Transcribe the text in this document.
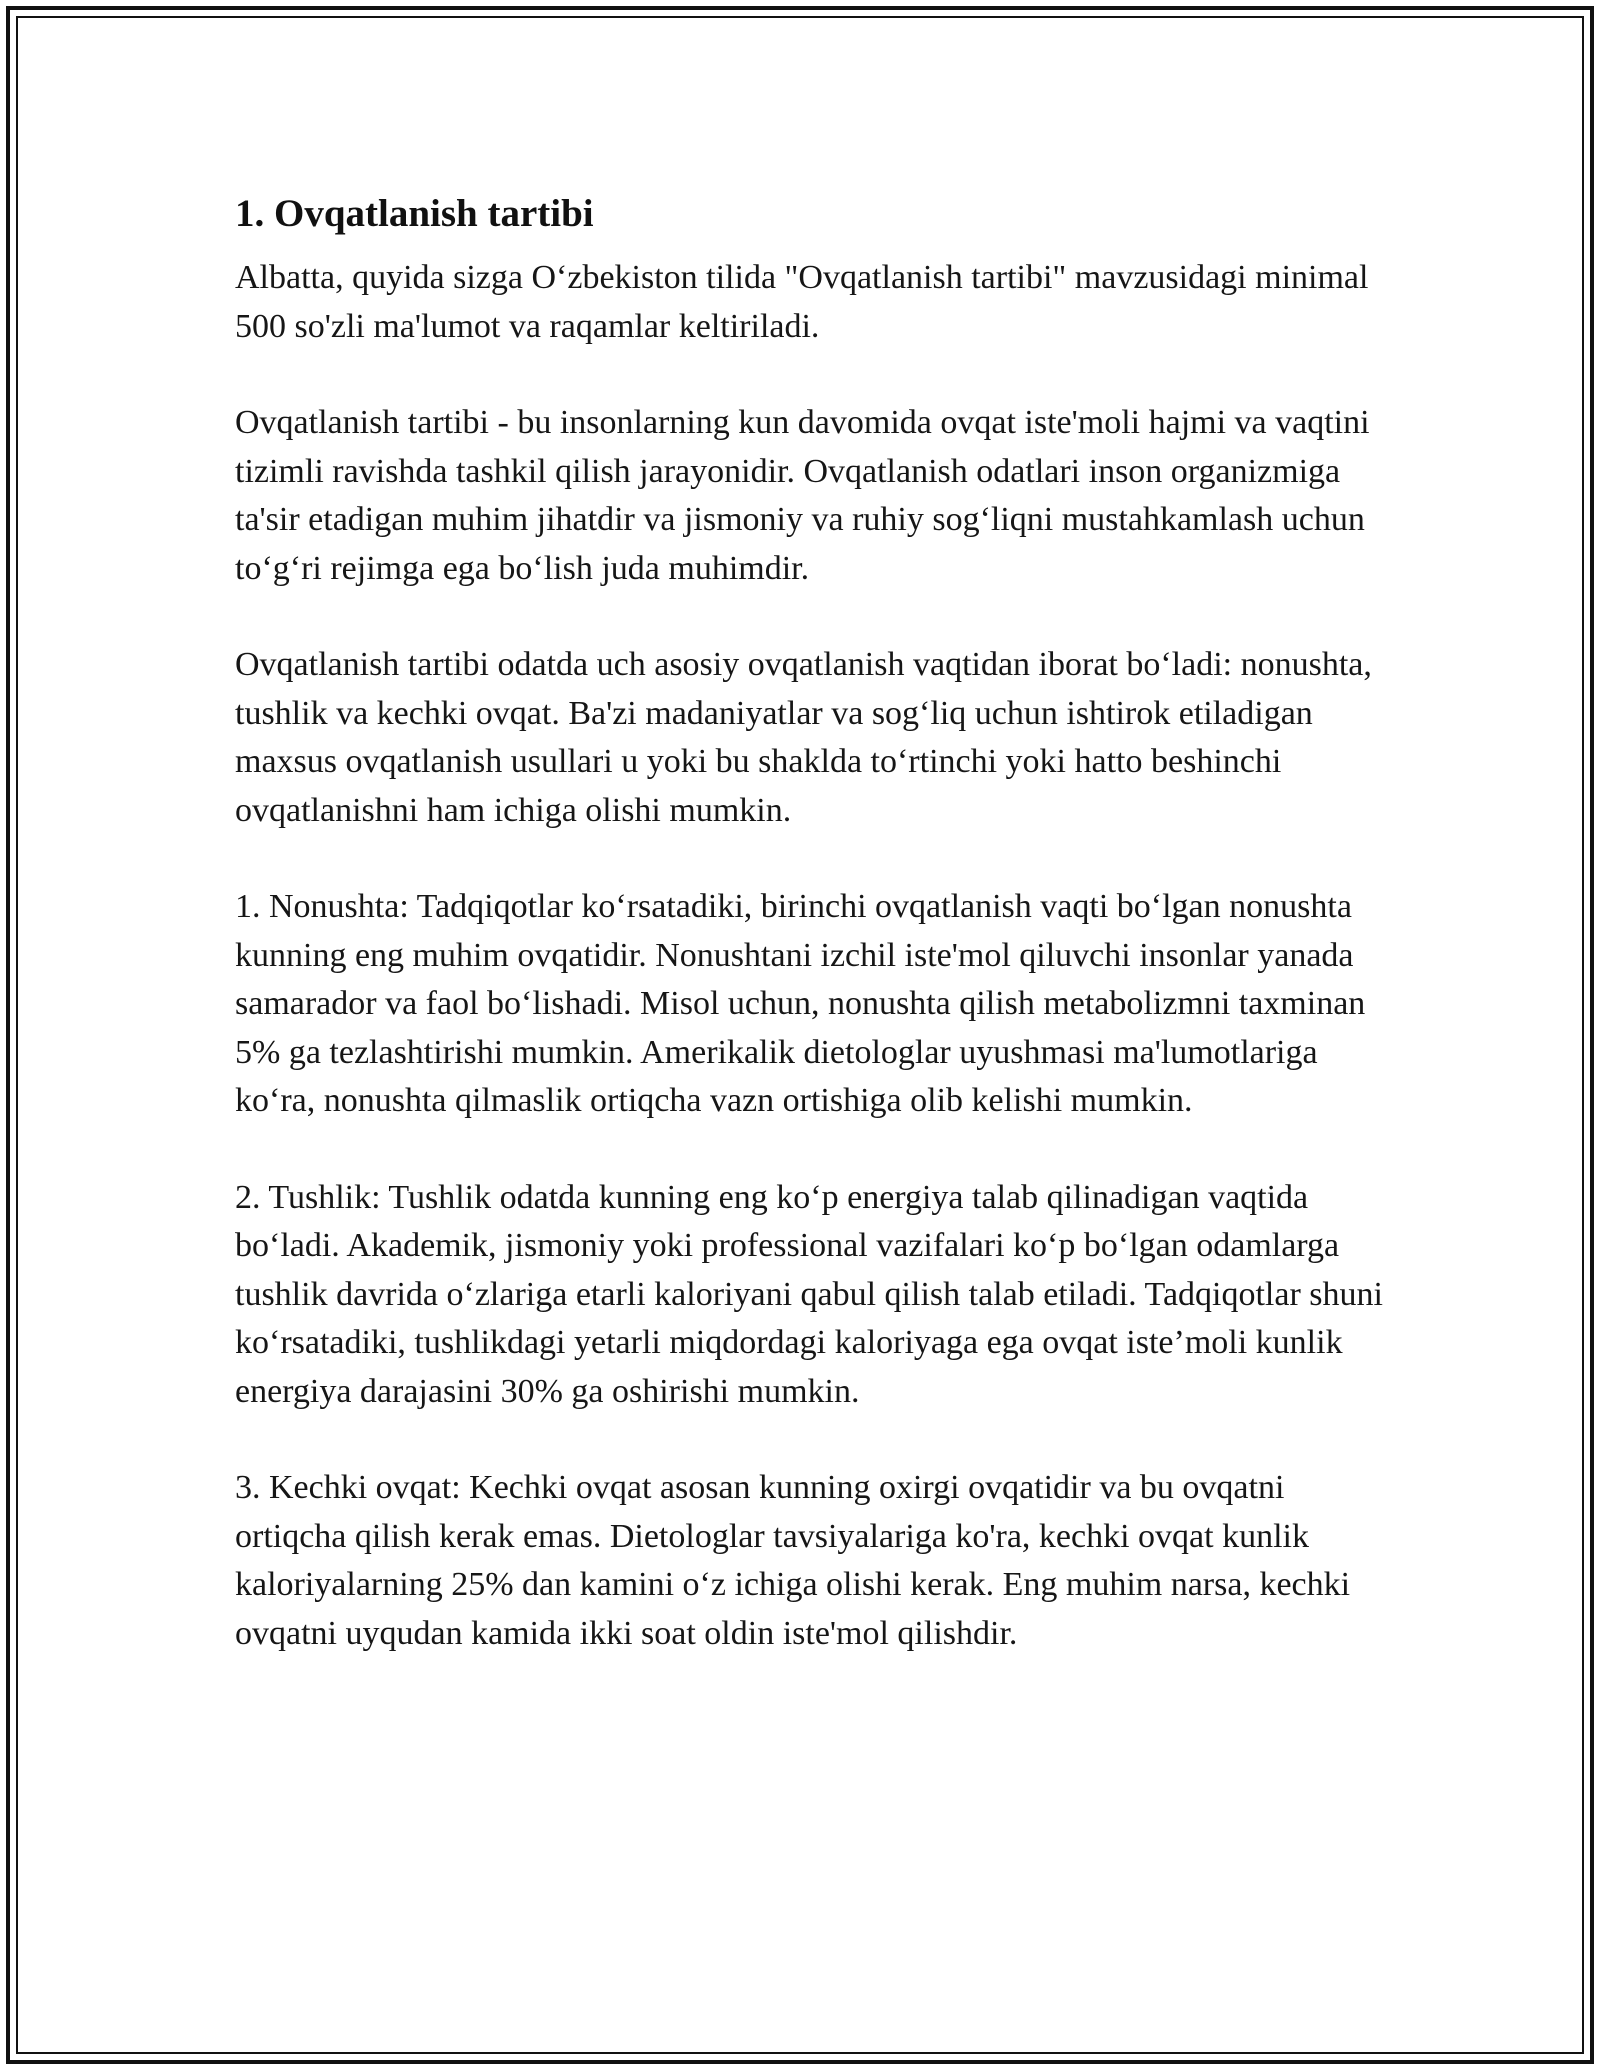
1. Ovqatlanish tartibi

Albatta, quyida sizga O‘zbekiston tilida "Ovqatlanish tartibi" mavzusidagi minimal 500 so'zli ma'lumot va raqamlar keltiriladi.

Ovqatlanish tartibi - bu insonlarning kun davomida ovqat iste'moli hajmi va vaqtini tizimli ravishda tashkil qilish jarayonidir. Ovqatlanish odatlari inson organizmiga ta'sir etadigan muhim jihatdir va jismoniy va ruhiy sog‘liqni mustahkamlash uchun to‘g‘ri rejimga ega bo‘lish juda muhimdir.

Ovqatlanish tartibi odatda uch asosiy ovqatlanish vaqtidan iborat bo‘ladi: nonushta, tushlik va kechki ovqat. Ba'zi madaniyatlar va sog‘liq uchun ishtirok etiladigan maxsus ovqatlanish usullari u yoki bu shaklda to‘rtinchi yoki hatto beshinchi ovqatlanishni ham ichiga olishi mumkin.

1. Nonushta: Tadqiqotlar ko‘rsatadiki, birinchi ovqatlanish vaqti bo‘lgan nonushta kunning eng muhim ovqatidir. Nonushtani izchil iste'mol qiluvchi insonlar yanada samarador va faol bo‘lishadi. Misol uchun, nonushta qilish metabolizmni taxminan 5% ga tezlashtirishi mumkin. Amerikalik dietologlar uyushmasi ma'lumotlariga ko‘ra, nonushta qilmaslik ortiqcha vazn ortishiga olib kelishi mumkin.

2. Tushlik: Tushlik odatda kunning eng ko‘p energiya talab qilinadigan vaqtida bo‘ladi. Akademik, jismoniy yoki professional vazifalari ko‘p bo‘lgan odamlarga tushlik davrida o‘zlariga etarli kaloriyani qabul qilish talab etiladi. Tadqiqotlar shuni ko‘rsatadiki, tushlikdagi yetarli miqdordagi kaloriyaga ega ovqat iste’moli kunlik energiya darajasini 30% ga oshirishi mumkin.

3. Kechki ovqat: Kechki ovqat asosan kunning oxirgi ovqatidir va bu ovqatni ortiqcha qilish kerak emas. Dietologlar tavsiyalariga ko'ra, kechki ovqat kunlik kaloriyalarning 25% dan kamini o‘z ichiga olishi kerak. Eng muhim narsa, kechki ovqatni uyqudan kamida ikki soat oldin iste'mol qilishdir.
